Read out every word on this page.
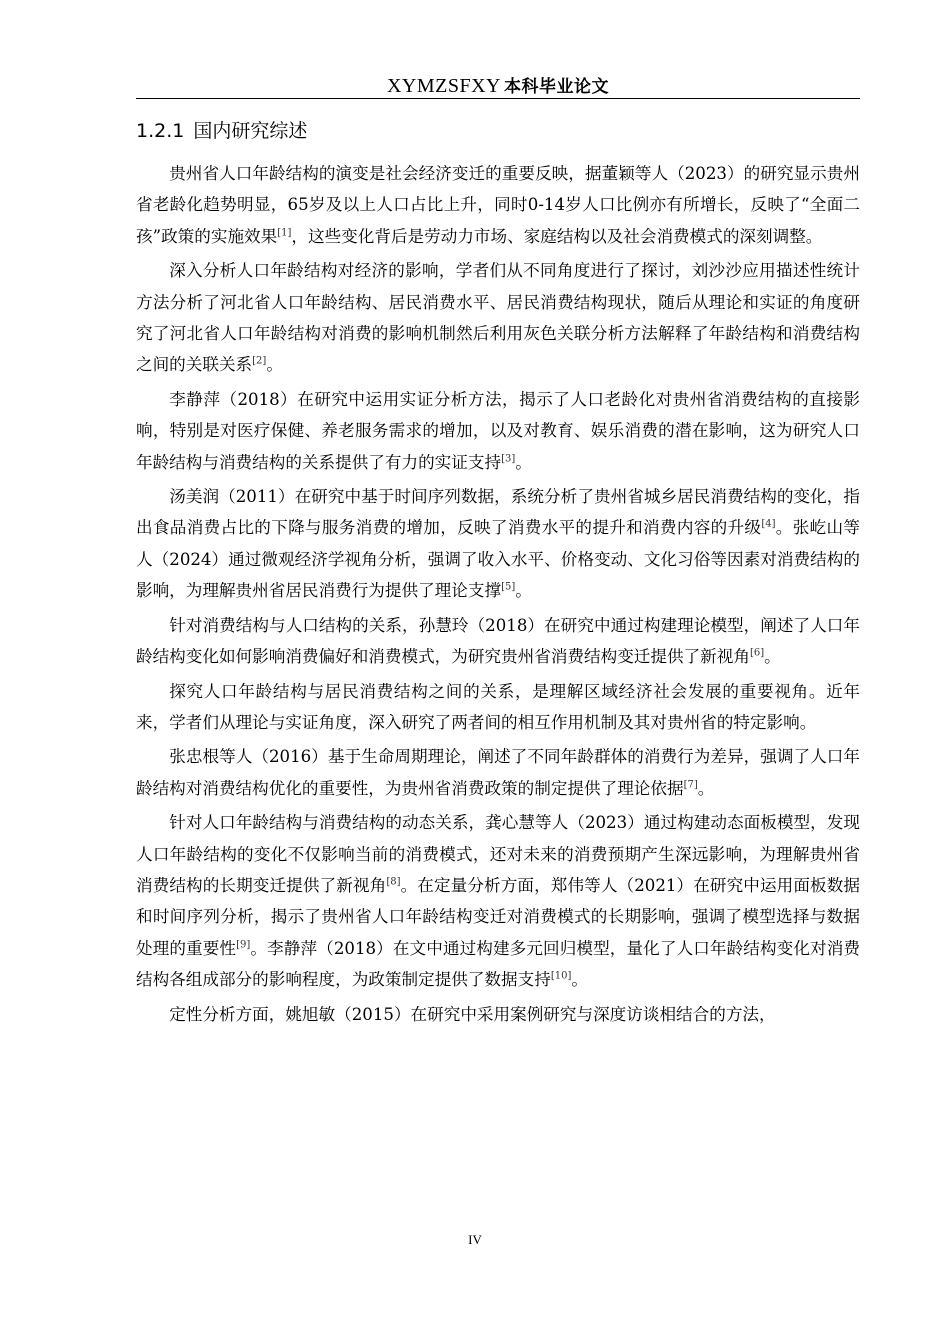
XYMZSFXY 本科毕业论文
1.2.1 国内研究综述

贵州省人口年龄结构的演变是社会经济变迁的重要反映，据董颖等人（2023）的研究显示贵州省老龄化趋势明显，65岁及以上人口占比上升，同时0-14岁人口比例亦有所增长，反映了“全面二孩”政策的实施效果[1]，这些变化背后是劳动力市场、家庭结构以及社会消费模式的深刻调整。

深入分析人口年龄结构对经济的影响，学者们从不同角度进行了探讨，刘沙沙应用描述性统计方法分析了河北省人口年龄结构、居民消费水平、居民消费结构现状，随后从理论和实证的角度研究了河北省人口年龄结构对消费的影响机制然后利用灰色关联分析方法解释了年龄结构和消费结构之间的关联关系[2]。

李静萍（2018）在研究中运用实证分析方法，揭示了人口老龄化对贵州省消费结构的直接影响，特别是对医疗保健、养老服务需求的增加，以及对教育、娱乐消费的潜在影响，这为研究人口年龄结构与消费结构的关系提供了有力的实证支持[3]。

汤美润（2011）在研究中基于时间序列数据，系统分析了贵州省城乡居民消费结构的变化，指出食品消费占比的下降与服务消费的增加，反映了消费水平的提升和消费内容的升级[4]。张屹山等人（2024）通过微观经济学视角分析，强调了收入水平、价格变动、文化习俗等因素对消费结构的影响，为理解贵州省居民消费行为提供了理论支撑[5]。

针对消费结构与人口结构的关系，孙慧玲（2018）在研究中通过构建理论模型，阐述了人口年龄结构变化如何影响消费偏好和消费模式，为研究贵州省消费结构变迁提供了新视角[6]。

探究人口年龄结构与居民消费结构之间的关系，是理解区域经济社会发展的重要视角。近年来，学者们从理论与实证角度，深入研究了两者间的相互作用机制及其对贵州省的特定影响。

张忠根等人（2016）基于生命周期理论，阐述了不同年龄群体的消费行为差异，强调了人口年龄结构对消费结构优化的重要性，为贵州省消费政策的制定提供了理论依据[7]。

针对人口年龄结构与消费结构的动态关系，龚心慧等人（2023）通过构建动态面板模型，发现人口年龄结构的变化不仅影响当前的消费模式，还对未来的消费预期产生深远影响，为理解贵州省消费结构的长期变迁提供了新视角[8]。在定量分析方面，郑伟等人（2021）在研究中运用面板数据和时间序列分析，揭示了贵州省人口年龄结构变迁对消费模式的长期影响，强调了模型选择与数据处理的重要性[9]。李静萍（2018）在文中通过构建多元回归模型，量化了人口年龄结构变化对消费结构各组成部分的影响程度，为政策制定提供了数据支持[10]。

定性分析方面，姚旭敏（2015）在研究中采用案例研究与深度访谈相结合的方法，

IV
